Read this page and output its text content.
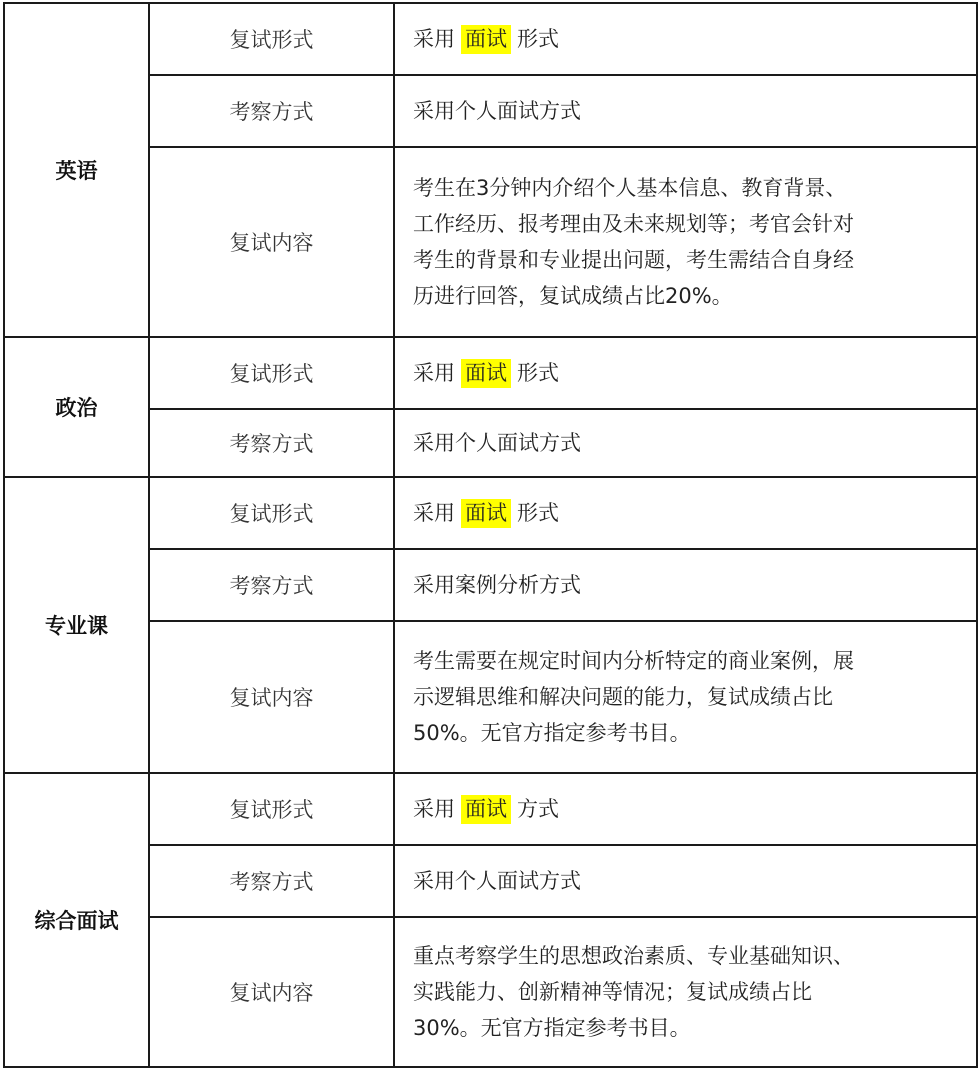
英语	复试形式	采用 面试 形式
	考察方式	采用个人面试方式
	复试内容	考生在3分钟内介绍个人基本信息、教育背景、
工作经历、报考理由及未来规划等；考官会针对
考生的背景和专业提出问题，考生需结合自身经
历进行回答，复试成绩占比20%。

政治	复试形式	采用 面试 形式
	考察方式	采用个人面试方式
专业课	复试形式	采用 面试 形式
	考察方式	采用案例分析方式
	复试内容	考生需要在规定时间内分析特定的商业案例，展
示逻辑思维和解决问题的能力，复试成绩占比
50%。无官方指定参考书目。

综合面试	复试形式	采用 面试 方式
	考察方式	采用个人面试方式
	复试内容	重点考察学生的思想政治素质、专业基础知识、
实践能力、创新精神等情况；复试成绩占比
30%。无官方指定参考书目。
